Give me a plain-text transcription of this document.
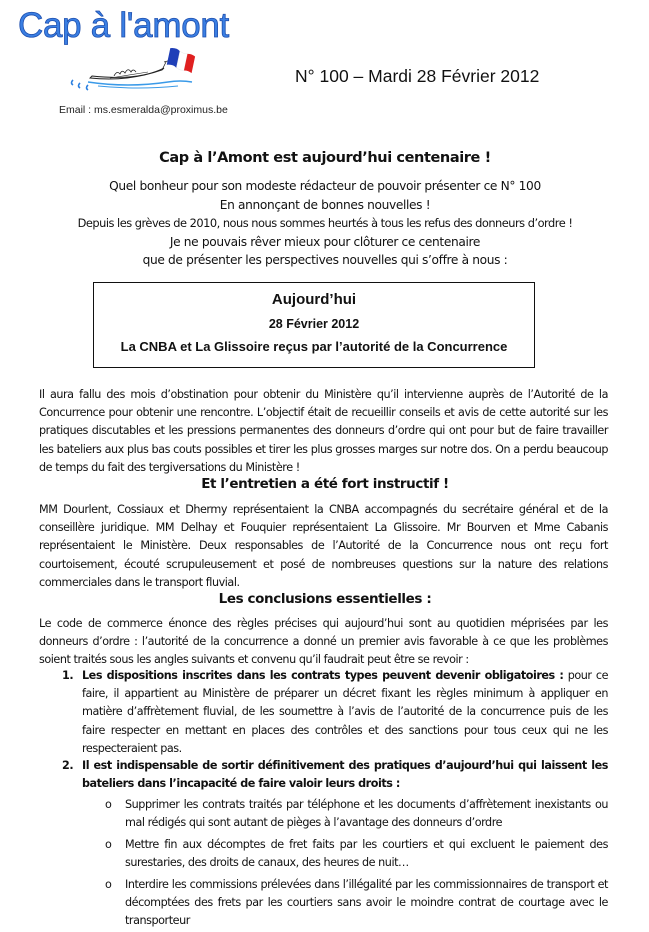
Cap à l'amont
Email : ms.esmeralda@proximus.be
N° 100 – Mardi 28 Février 2012
Cap à l’Amont est aujourd’hui centenaire !
Quel bonheur pour son modeste rédacteur de pouvoir présenter ce N° 100
En annonçant de bonnes nouvelles !
Depuis les grèves de 2010, nous nous sommes heurtés à tous les refus des donneurs d’ordre !
Je ne pouvais rêver mieux pour clôturer ce centenaire
que de présenter les perspectives nouvelles qui s’offre à nous :
Aujourd’hui
28 Février 2012
La CNBA et La Glissoire reçus par l’autorité de la Concurrence
Il aura fallu des mois d’obstination pour obtenir du Ministère qu’il intervienne auprès de l’Autorité de la Concurrence pour obtenir une rencontre. L’objectif était de recueillir conseils et avis de cette autorité sur les pratiques discutables et les pressions permanentes des donneurs d’ordre qui ont pour but de faire travailler les bateliers aux plus bas couts possibles et tirer les plus grosses marges sur notre dos. On a perdu beaucoup de temps du fait des tergiversations du Ministère !
Et l’entretien a été fort instructif !
MM Dourlent, Cossiaux et Dhermy représentaient la CNBA accompagnés du secrétaire général et de la conseillère juridique. MM Delhay et Fouquier représentaient La Glissoire. Mr Bourven et Mme Cabanis représentaient le Ministère. Deux responsables de l’Autorité de la Concurrence nous ont reçu fort courtoisement, écouté scrupuleusement et posé de nombreuses questions sur la nature des relations commerciales dans le transport fluvial.
Les conclusions essentielles :
Le code de commerce énonce des règles précises qui aujourd’hui sont au quotidien méprisées par les donneurs d’ordre : l’autorité de la concurrence a donné un premier avis favorable à ce que les problèmes soient traités sous les angles suivants et convenu qu’il faudrait peut être se revoir :
1. Les dispositions inscrites dans les contrats types peuvent devenir obligatoires : pour ce faire, il appartient au Ministère de préparer un décret fixant les règles minimum à appliquer en matière d’affrètement fluvial, de les soumettre à l’avis de l’autorité de la concurrence puis de les faire respecter en mettant en places des contrôles et des sanctions pour tous ceux qui ne les respecteraient pas.
2. Il est indispensable de sortir définitivement des pratiques d’aujourd’hui qui laissent les bateliers dans l’incapacité de faire valoir leurs droits :
o Supprimer les contrats traités par téléphone et les documents d’affrètement inexistants ou mal rédigés qui sont autant de pièges à l’avantage des donneurs d’ordre
o Mettre fin aux décomptes de fret faits par les courtiers et qui excluent le paiement des surestaries, des droits de canaux, des heures de nuit…
o Interdire les commissions prélevées dans l’illégalité par les commissionnaires de transport et décomptées des frets par les courtiers sans avoir le moindre contrat de courtage avec le transporteur
